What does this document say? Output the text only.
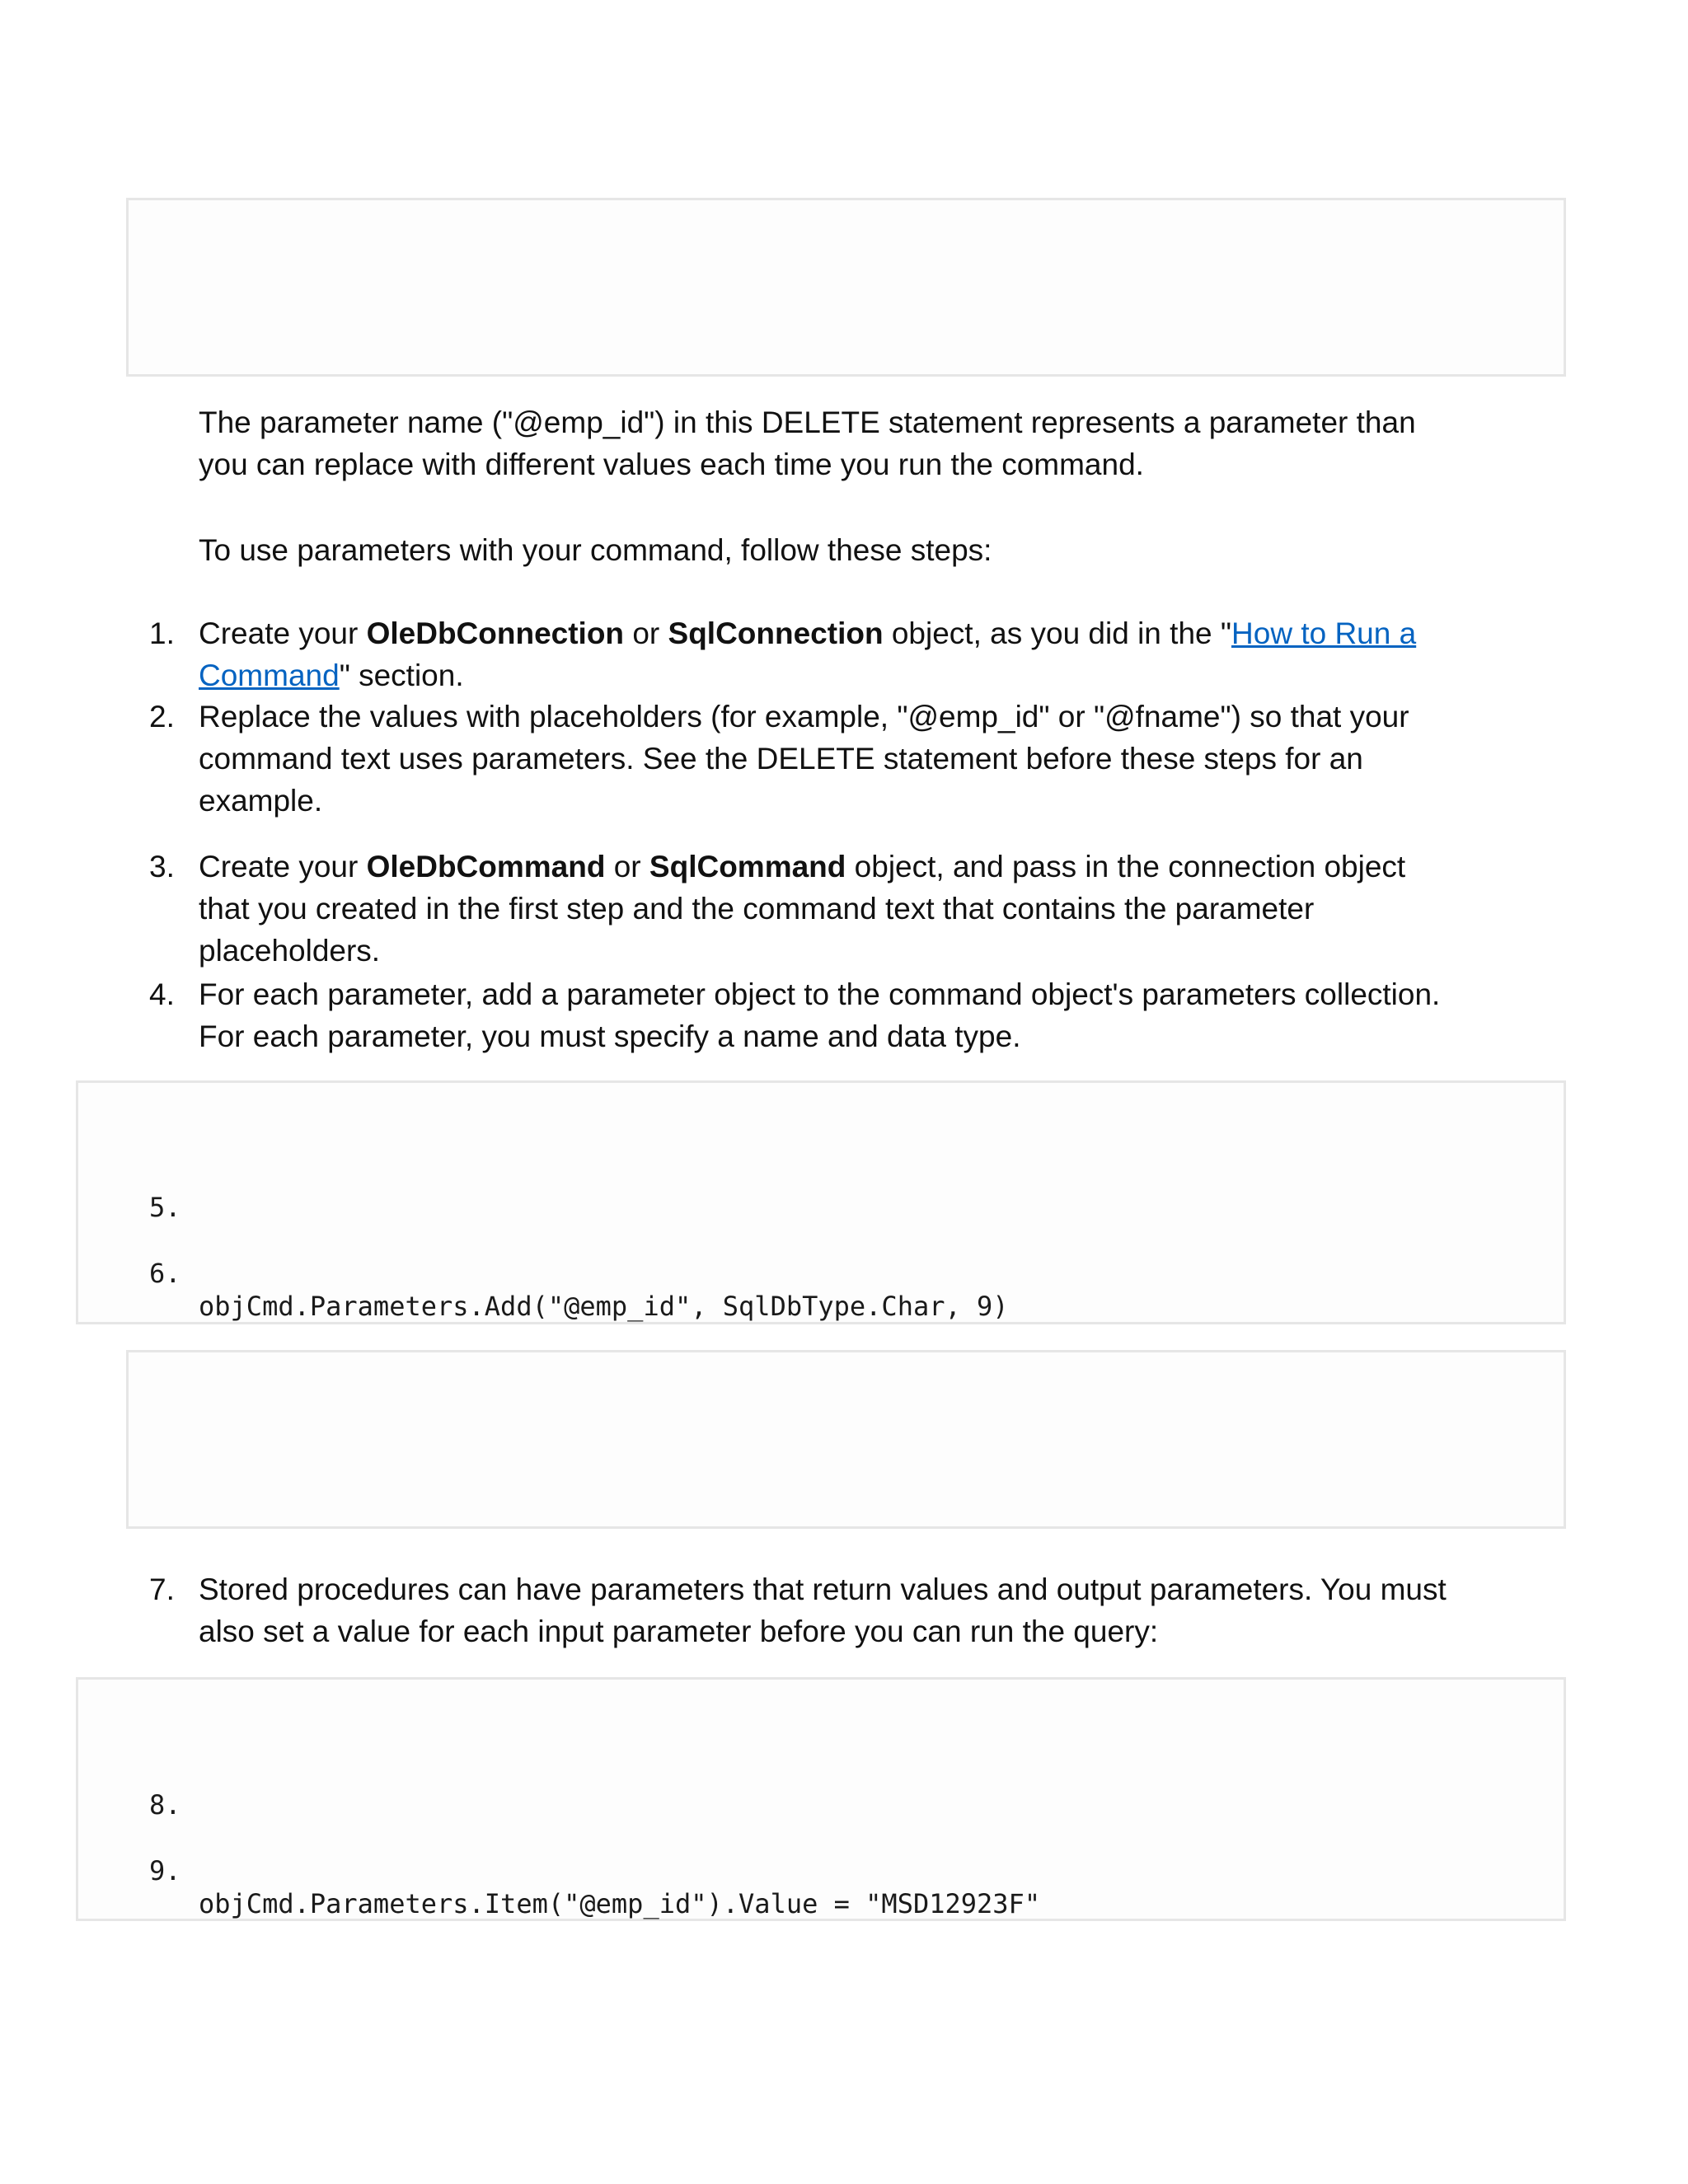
The parameter name ("@emp_id") in this DELETE statement represents a parameter than
you can replace with different values each time you run the command.

To use parameters with your command, follow these steps:

1. Create your OleDbConnection or SqlConnection object, as you did in the "How to Run a
Command" section.
2. Replace the values with placeholders (for example, "@emp_id" or "@fname") so that your
command text uses parameters. See the DELETE statement before these steps for an
example.
3. Create your OleDbCommand or SqlCommand object, and pass in the connection object
that you created in the first step and the command text that contains the parameter
placeholders.
4. For each parameter, add a parameter object to the command object's parameters collection.
For each parameter, you must specify a name and data type.

5.

6.

objCmd.Parameters.Add("@emp_id", SqlDbType.Char, 9)

7. Stored procedures can have parameters that return values and output parameters. You must
also set a value for each input parameter before you can run the query:

8.

9.

objCmd.Parameters.Item("@emp_id").Value = "MSD12923F"
